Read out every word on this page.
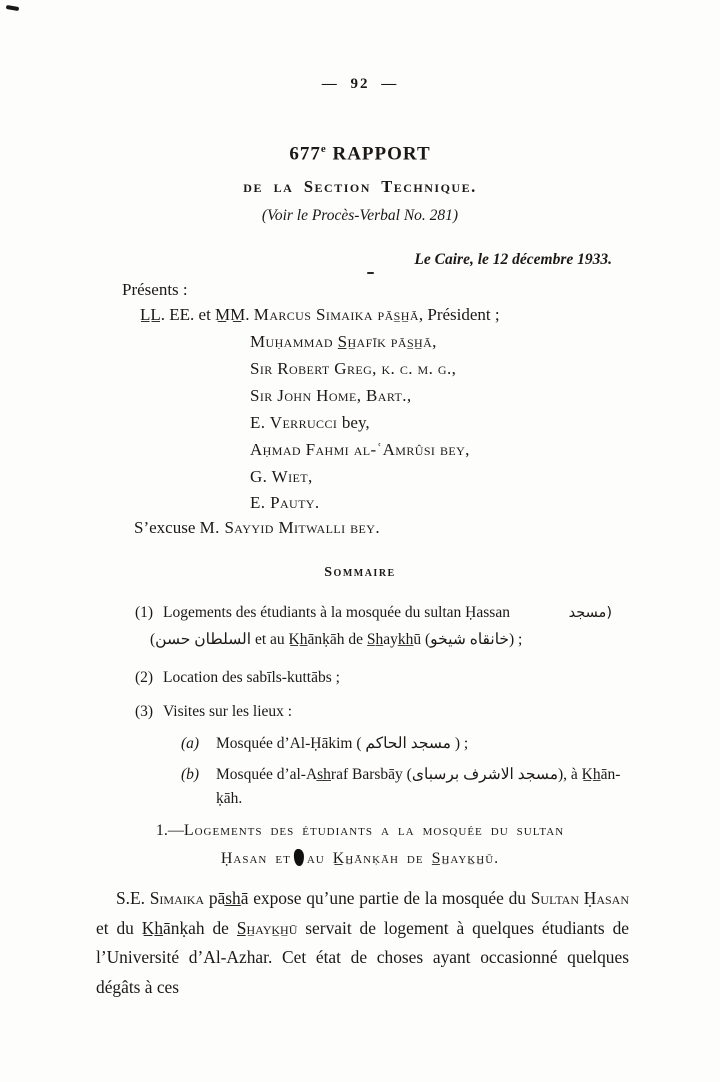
— 92 —
677e RAPPORT
de la Section Technique.
(Voir le Procès-Verbal No. 281)
Le Caire, le 12 décembre 1933.
Présents :
L̲L̲. EE. et M̲M̲. Marcus Simaika pās̲h̲ā, Président ;
Muḥammad S̲h̲afīk pās̲h̲ā,
Sir Robert Greg, k. c. m. g.,
Sir John Home, Bart.,
E. Verrucci bey,
Aḥmad Fahmi al-ʿAmrûsi bey,
G. Wiet,
E. Pauty.
S’excuse M. Sayyid Mitwalli bey.
Sommaire
(1) Logements des étudiants à la mosquée du sultan Ḥassan	مسجد)
(السلطان حسن et au K̲h̲ānḳāh de S̲h̲ayk̲h̲ū (خانقاه شيخو) ;
(2) Location des sabīls-kuttābs ;
(3) Visites sur les lieux :
(a) Mosquée d’Al-Ḥākim ( مسجد الحاكم ) ;
(b) Mosquée d’al-As̲h̲raf Barsbāy (مسجد الاشرف برسباى), à K̲h̲ān-
ḳāh.
1.—Logements des étudiants a la mosquée du sultan
Ḥasan et au K̲h̲ānḳāh de S̲h̲ayk̲h̲ū.

S.E. Simaika pās̲h̲ā expose qu’une partie de la mosquée du Sultan Ḥasan et du K̲h̲ānḳah de S̲h̲ayk̲h̲ū servait de logement à quelques étudiants de l’Université d’Al-Azhar. Cet état de choses ayant occasionné quelques dégâts à ces
